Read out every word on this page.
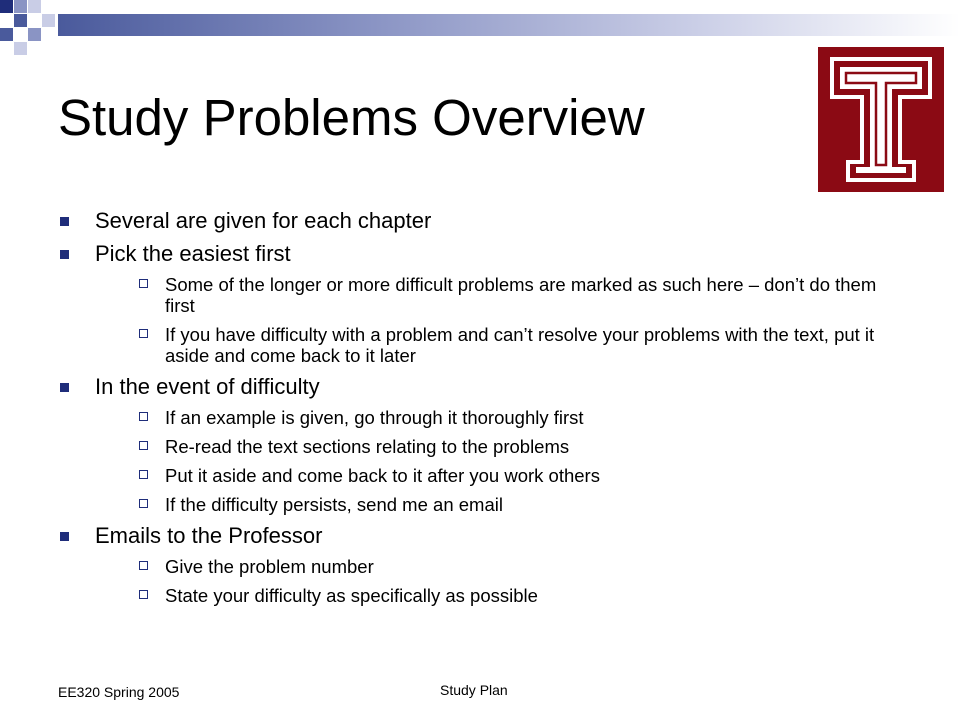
Study Problems Overview
Several are given for each chapter
Pick the easiest first
Some of the longer or more difficult problems are marked as such here – don’t do them first
If you have difficulty with a problem and can’t resolve your problems with the text, put it aside and come back to it later
In the event of difficulty
If an example is given, go through it thoroughly first
Re-read the text sections relating to the problems
Put it aside and come back to it after you work others
If the difficulty persists, send me an email
Emails to the Professor
Give the problem number
State your difficulty as specifically as possible
EE320 Spring 2005	Study Plan
